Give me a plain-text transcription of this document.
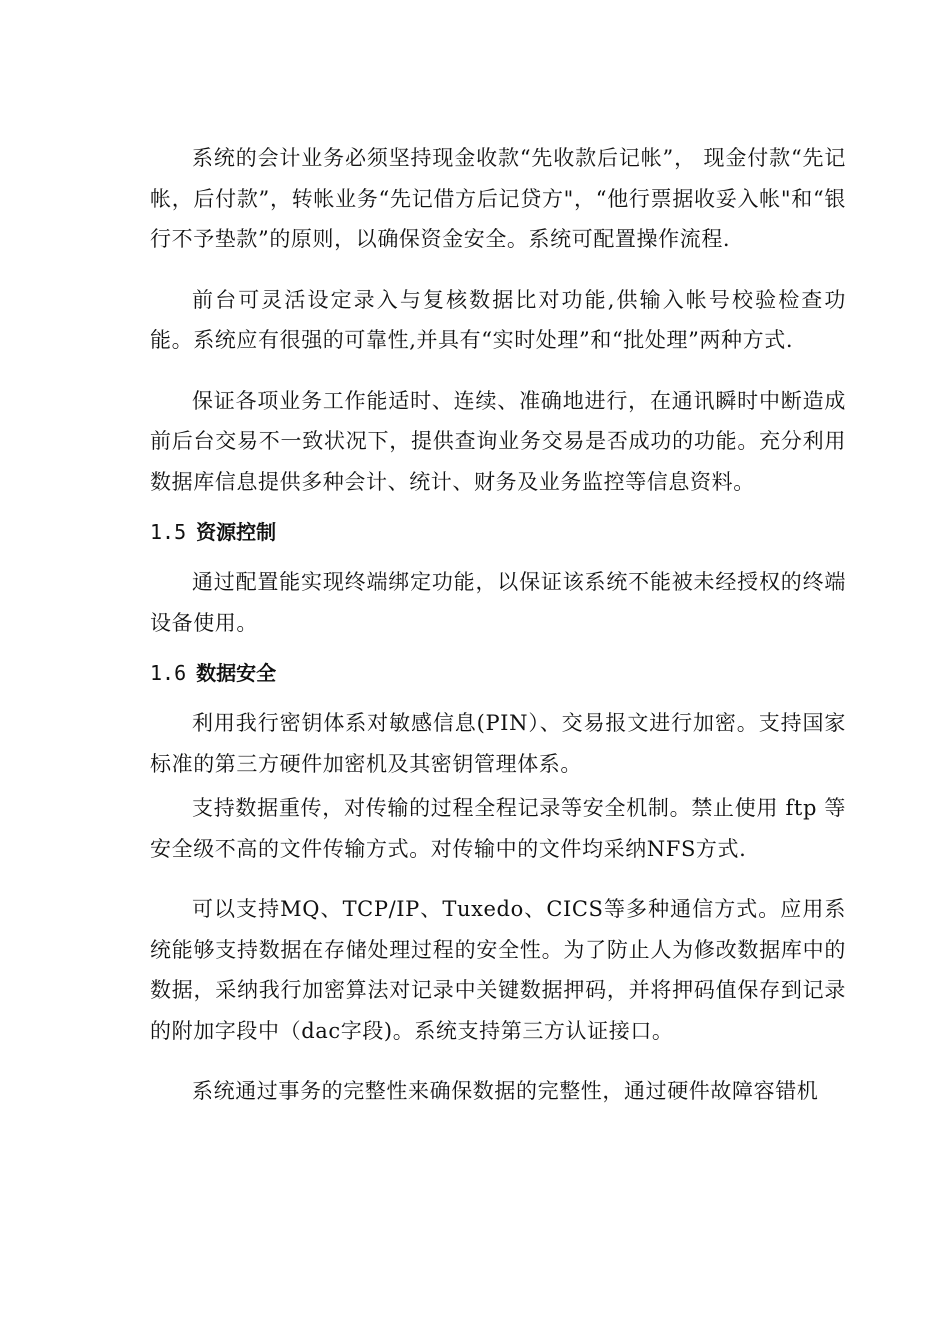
系统的会计业务必须坚持现金收款“先收款后记帐”， 现金付款“先记帐，后付款”，转帐业务“先记借方后记贷方"，“他行票据收妥入帐"和“银行不予垫款”的原则，以确保资金安全。系统可配置操作流程.

前台可灵活设定录入与复核数据比对功能,供输入帐号校验检查功能。系统应有很强的可靠性,并具有“实时处理”和“批处理”两种方式.

保证各项业务工作能适时、连续、准确地进行，在通讯瞬时中断造成前后台交易不一致状况下，提供查询业务交易是否成功的功能。充分利用数据库信息提供多种会计、统计、财务及业务监控等信息资料。

1.5 资源控制

通过配置能实现终端绑定功能，以保证该系统不能被未经授权的终端设备使用。

1.6 数据安全

利用我行密钥体系对敏感信息(PIN）、交易报文进行加密。支持国家标准的第三方硬件加密机及其密钥管理体系。

支持数据重传，对传输的过程全程记录等安全机制。禁止使用 ftp 等安全级不高的文件传输方式。对传输中的文件均采纳NFS方式.

可以支持MQ、TCP/IP、Tuxedo、CICS等多种通信方式。应用系统能够支持数据在存储处理过程的安全性。为了防止人为修改数据库中的数据，采纳我行加密算法对记录中关键数据押码，并将押码值保存到记录的附加字段中（dac字段)。系统支持第三方认证接口。

系统通过事务的完整性来确保数据的完整性，通过硬件故障容错机
